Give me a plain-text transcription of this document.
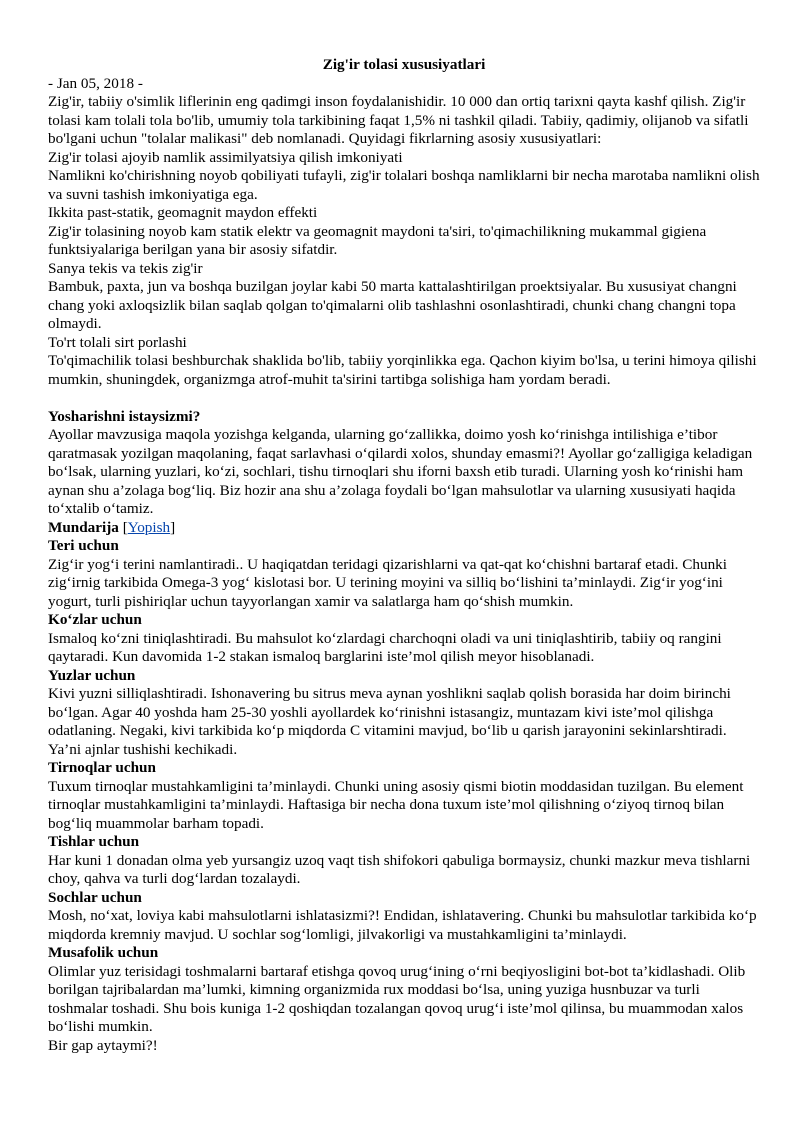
Zig'ir tolasi xususiyatlari

- Jan 05, 2018 -

Zig'ir, tabiiy o'simlik liflerinin eng qadimgi inson foydalanishidir. 10 000 dan ortiq tarixni qayta kashf qilish. Zig'ir tolasi kam tolali tola bo'lib, umumiy tola tarkibining faqat 1,5% ni tashkil qiladi. Tabiiy, qadimiy, olijanob va sifatli bo'lgani uchun "tolalar malikasi" deb nomlanadi. Quyidagi fikrlarning asosiy xususiyatlari:

Zig'ir tolasi ajoyib namlik assimilyatsiya qilish imkoniyati

Namlikni ko'chirishning noyob qobiliyati tufayli, zig'ir tolalari boshqa namliklarni bir necha marotaba namlikni olish va suvni tashish imkoniyatiga ega.

Ikkita past-statik, geomagnit maydon effekti

Zig'ir tolasining noyob kam statik elektr va geomagnit maydoni ta'siri, to'qimachilikning mukammal gigiena funktsiyalariga berilgan yana bir asosiy sifatdir.

Sanya tekis va tekis zig'ir

Bambuk, paxta, jun va boshqa buzilgan joylar kabi 50 marta kattalashtirilgan proektsiyalar. Bu xususiyat changni chang yoki axloqsizlik bilan saqlab qolgan to'qimalarni olib tashlashni osonlashtiradi, chunki chang changni topa olmaydi.

To'rt tolali sirt porlashi

To'qimachilik tolasi beshburchak shaklida bo'lib, tabiiy yorqinlikka ega. Qachon kiyim bo'lsa, u terini himoya qilishi mumkin, shuningdek, organizmga atrof-muhit ta'sirini tartibga solishiga ham yordam beradi.

Yosharishni istaysizmi?

Ayollar mavzusiga maqola yozishga kelganda, ularning go‘zallikka, doimo yosh ko‘rinishga intilishiga e’tibor qaratmasak yozilgan maqolaning, faqat sarlavhasi o‘qilardi xolos, shunday emasmi?! Ayollar go‘zalligiga keladigan bo‘lsak, ularning yuzlari, ko‘zi, sochlari, tishu tirnoqlari shu iforni baxsh etib turadi. Ularning yosh ko‘rinishi ham aynan shu a’zolaga bog‘liq. Biz hozir ana shu a’zolaga foydali bo‘lgan mahsulotlar va ularning xususiyati haqida to‘xtalib o‘tamiz.

Mundarija [Yopish]

Teri uchun

Zig‘ir yog‘i terini namlantiradi.. U haqiqatdan teridagi qizarishlarni va qat-qat ko‘chishni bartaraf etadi. Chunki zig‘irnig tarkibida Omega-3 yog‘ kislotasi bor. U terining moyini va silliq bo‘lishini ta’minlaydi. Zig‘ir yog‘ini yogurt, turli pishiriqlar uchun tayyorlangan xamir va salatlarga ham qo‘shish mumkin.

Ko‘zlar uchun

Ismaloq ko‘zni tiniqlashtiradi. Bu mahsulot ko‘zlardagi charchoqni oladi va uni tiniqlashtirib, tabiiy oq rangini qaytaradi. Kun davomida 1-2 stakan ismaloq barglarini iste’mol qilish meyor hisoblanadi.

Yuzlar uchun

Kivi yuzni silliqlashtiradi. Ishonavering bu sitrus meva aynan yoshlikni saqlab qolish borasida har doim birinchi bo‘lgan. Agar 40 yoshda ham 25-30 yoshli ayollardek ko‘rinishni istasangiz, muntazam kivi iste’mol qilishga odatlaning. Negaki, kivi tarkibida ko‘p miqdorda C vitamini mavjud, bo‘lib u qarish jarayonini sekinlarshtiradi. Ya’ni ajnlar tushishi kechikadi.

Tirnoqlar uchun

Tuxum tirnoqlar mustahkamligini ta’minlaydi. Chunki uning asosiy qismi biotin moddasidan tuzilgan. Bu element tirnoqlar mustahkamligini ta’minlaydi. Haftasiga bir necha dona tuxum iste’mol qilishning o‘ziyoq tirnoq bilan bog‘liq muammolar barham topadi.

Tishlar uchun

Har kuni 1 donadan olma yeb yursangiz uzoq vaqt tish shifokori qabuliga bormaysiz, chunki mazkur meva tishlarni choy, qahva va turli dog‘lardan tozalaydi.

Sochlar uchun

Mosh, no‘xat, loviya kabi mahsulotlarni ishlatasizmi?! Endidan, ishlatavering. Chunki bu mahsulotlar tarkibida ko‘p miqdorda kremniy mavjud. U sochlar sog‘lomligi, jilvakorligi va mustahkamligini ta’minlaydi.

Musafolik uchun

Olimlar yuz terisidagi toshmalarni bartaraf etishga qovoq urug‘ining o‘rni beqiyosligini bot-bot ta’kidlashadi. Olib borilgan tajribalardan ma’lumki, kimning organizmida rux moddasi bo‘lsa, uning yuziga husnbuzar va turli toshmalar toshadi. Shu bois kuniga 1-2 qoshiqdan tozalangan qovoq urug‘i iste’mol qilinsa, bu muammodan xalos bo‘lishi mumkin.

Bir gap aytaymi?!
